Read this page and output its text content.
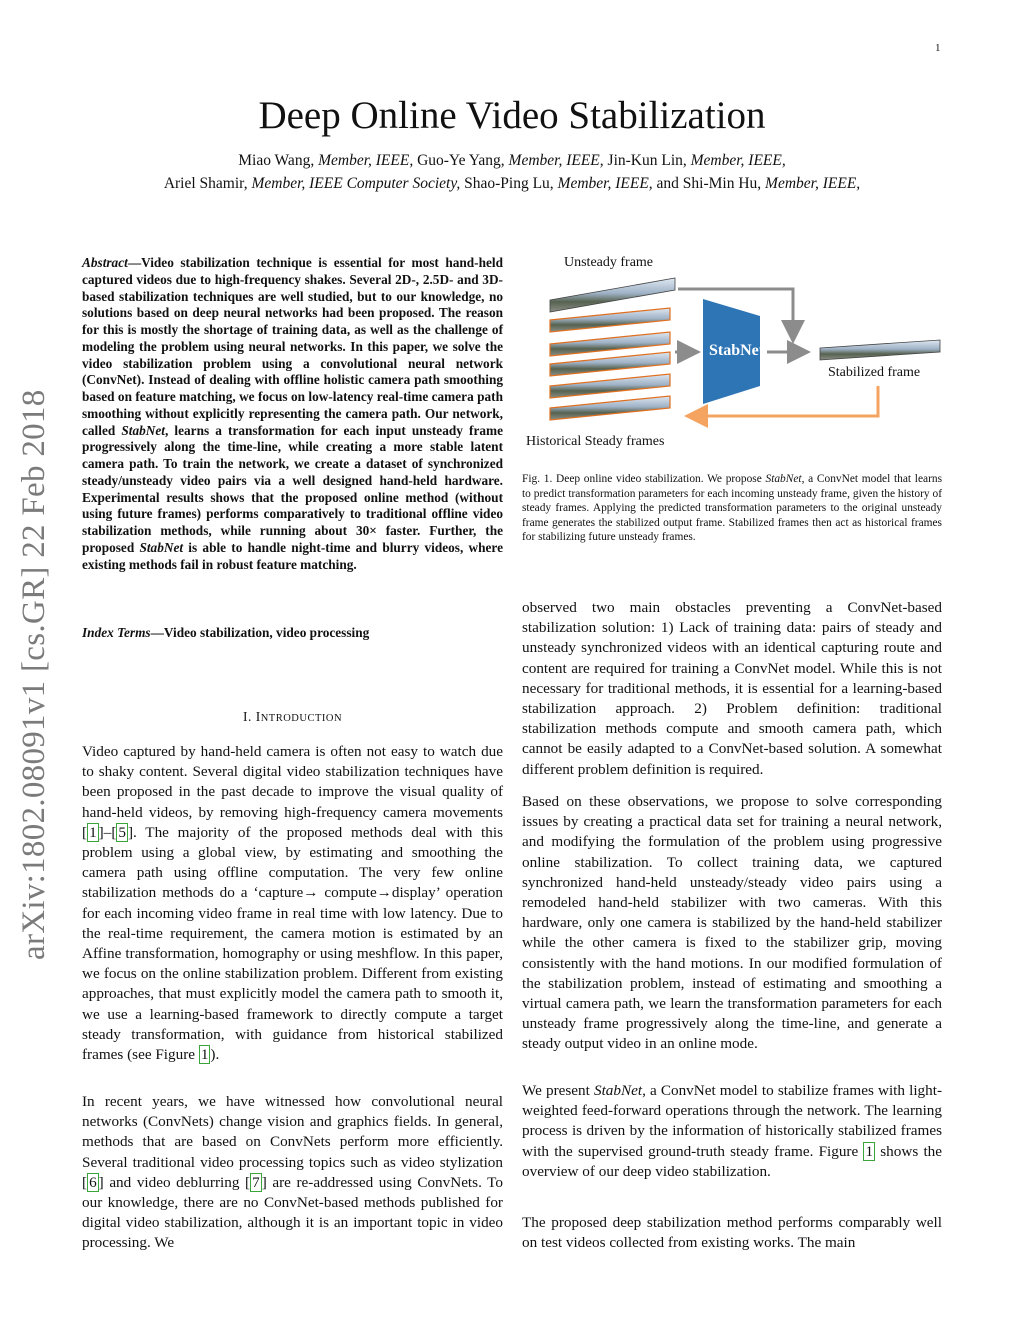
1
Deep Online Video Stabilization
Miao Wang, Member, IEEE, Guo-Ye Yang, Member, IEEE, Jin-Kun Lin, Member, IEEE,
Ariel Shamir, Member, IEEE Computer Society, Shao-Ping Lu, Member, IEEE, and Shi-Min Hu, Member, IEEE,
arXiv:1802.08091v1 [cs.GR] 22 Feb 2018
Abstract—Video stabilization technique is essential for most hand-held captured videos due to high-frequency shakes. Several 2D-, 2.5D- and 3D-based stabilization techniques are well studied, but to our knowledge, no solutions based on deep neural networks had been proposed. The reason for this is mostly the shortage of training data, as well as the challenge of modeling the problem using neural networks. In this paper, we solve the video stabilization problem using a convolutional neural network (ConvNet). Instead of dealing with offline holistic camera path smoothing based on feature matching, we focus on low-latency real-time camera path smoothing without explicitly representing the camera path. Our network, called StabNet, learns a transformation for each input unsteady frame progressively along the time-line, while creating a more stable latent camera path. To train the network, we create a dataset of synchronized steady/unsteady video pairs via a well designed hand-held hardware. Experimental results shows that the proposed online method (without using future frames) performs comparatively to traditional offline video stabilization methods, while running about 30× faster. Further, the proposed StabNet is able to handle night-time and blurry videos, where existing methods fail in robust feature matching.
Index Terms—Video stabilization, video processing
I. INTRODUCTION

Video captured by hand-held camera is often not easy to watch due to shaky content. Several digital video stabilization techniques have been proposed in the past decade to improve the visual quality of hand-held videos, by removing high-frequency camera movements [ 1 ]–[ 5 ]. The majority of the proposed methods deal with this problem using a global view, by estimating and smoothing the camera path using offline computation. The very few online stabilization methods do a ‘capture→ compute→display’ operation for each incoming video frame in real time with low latency. Due to the real-time requirement, the camera motion is estimated by an Affine transformation, homography or using meshflow. In this paper, we focus on the online stabilization problem. Different from existing approaches, that must explicitly model the camera path to smooth it, we use a learning-based framework to directly compute a target steady transformation, with guidance from historical stabilized frames (see Figure 1 ).

In recent years, we have witnessed how convolutional neural networks (ConvNets) change vision and graphics fields. In general, methods that are based on ConvNets perform more efficiently. Several traditional video processing topics such as video stylization [ 6 ] and video deblurring [ 7 ] are re-addressed using ConvNets. To our knowledge, there are no ConvNet-based methods published for digital video stabilization, although it is an important topic in video processing. We

Unsteady frame
StabNet
Stabilized frame
Historical Steady frames
Fig. 1. Deep online video stabilization. We propose StabNet, a ConvNet model that learns to predict transformation parameters for each incoming unsteady frame, given the history of steady frames. Applying the predicted transformation parameters to the original unsteady frame generates the stabilized output frame. Stabilized frames then act as historical frames for stabilizing future unsteady frames.

observed two main obstacles preventing a ConvNet-based stabilization solution: 1) Lack of training data: pairs of steady and unsteady synchronized videos with an identical capturing route and content are required for training a ConvNet model. While this is not necessary for traditional methods, it is essential for a learning-based stabilization approach. 2) Problem definition: traditional stabilization methods compute and smooth camera path, which cannot be easily adapted to a ConvNet-based solution. A somewhat different problem definition is required.

Based on these observations, we propose to solve corresponding issues by creating a practical data set for training a neural network, and modifying the formulation of the problem using progressive online stabilization. To collect training data, we captured synchronized hand-held unsteady/steady video pairs using a remodeled hand-held stabilizer with two cameras. With this hardware, only one camera is stabilized by the hand-held stabilizer while the other camera is fixed to the stabilizer grip, moving consistently with the hand motions. In our modified formulation of the stabilization problem, instead of estimating and smoothing a virtual camera path, we learn the transformation parameters for each unsteady frame progressively along the time-line, and generate a steady output video in an online mode.

We present StabNet, a ConvNet model to stabilize frames with light-weighted feed-forward operations through the network. The learning process is driven by the information of historically stabilized frames with the supervised ground-truth steady frame. Figure 1 shows the overview of our deep video stabilization.

The proposed deep stabilization method performs comparably well on test videos collected from existing works. The main
